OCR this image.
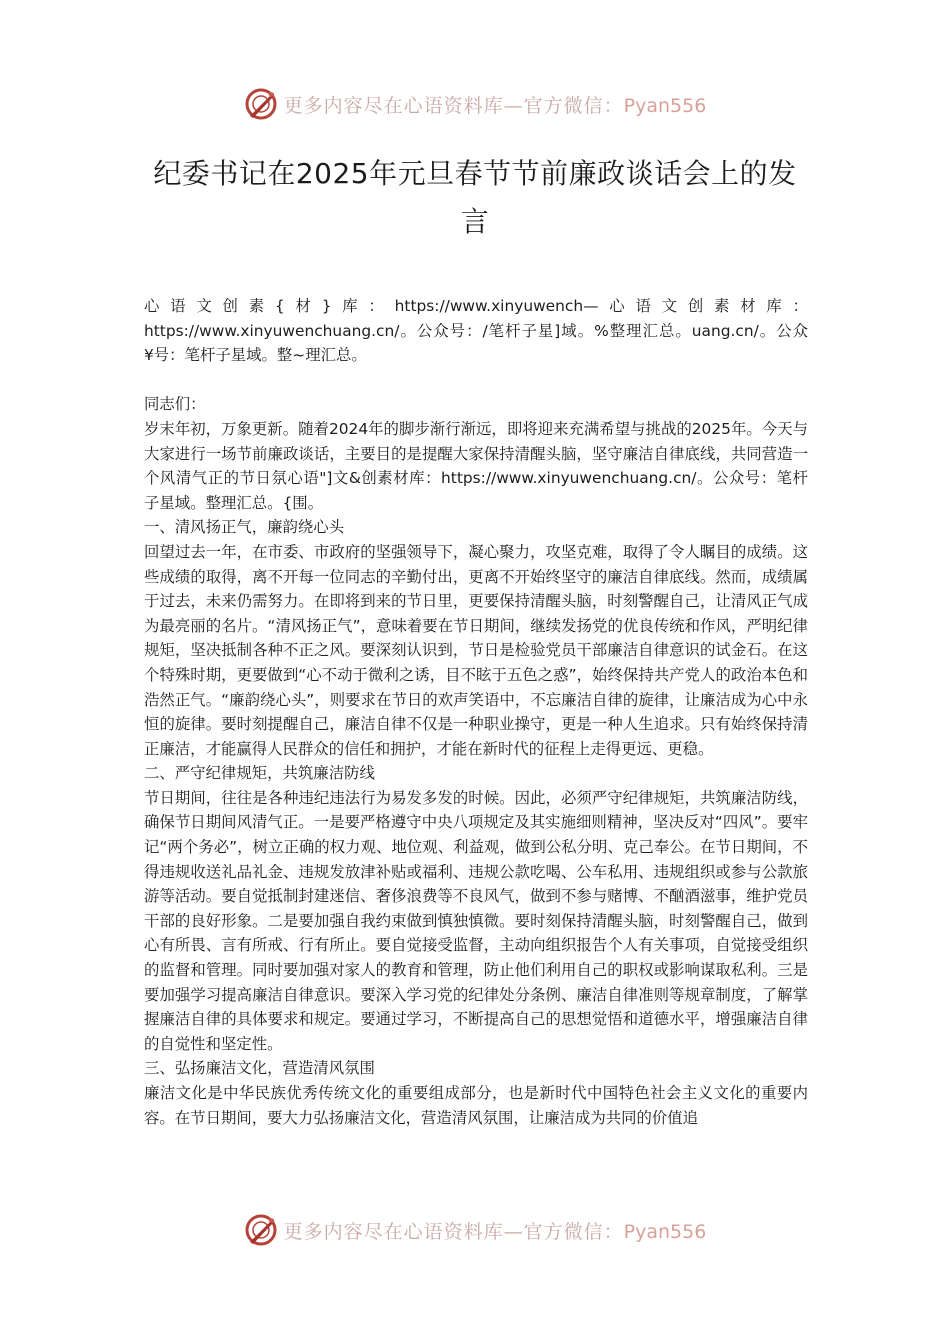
更多内容尽在心语资料库—官方微信：Pyan556
纪委书记在2025年元旦春节节前廉政谈话会上的发言

心语文创素{材}库：https://www.xinyuwench—心语文创素材库：https://www.xinyuwenchuang.cn/。公众号：/笔杆子星]域。%整理汇总。uang.cn/。公众¥号：笔杆子星域。整~理汇总。

同志们：

岁末年初，万象更新。随着2024年的脚步渐行渐远，即将迎来充满希望与挑战的2025年。今天与大家进行一场节前廉政谈话，主要目的是提醒大家保持清醒头脑，坚守廉洁自律底线，共同营造一个风清气正的节日氛心语"]文&创素材库：https://www.xinyuwenchuang.cn/。公众号：笔杆子星域。整理汇总。{围。

一、清风扬正气，廉韵绕心头

回望过去一年，在市委、市政府的坚强领导下，凝心聚力，攻坚克难，取得了令人瞩目的成绩。这些成绩的取得，离不开每一位同志的辛勤付出，更离不开始终坚守的廉洁自律底线。然而，成绩属于过去，未来仍需努力。在即将到来的节日里，更要保持清醒头脑，时刻警醒自己，让清风正气成为最亮丽的名片。“清风扬正气”，意味着要在节日期间，继续发扬党的优良传统和作风，严明纪律规矩，坚决抵制各种不正之风。要深刻认识到，节日是检验党员干部廉洁自律意识的试金石。在这个特殊时期，更要做到“心不动于微利之诱，目不眩于五色之惑”，始终保持共产党人的政治本色和浩然正气。“廉韵绕心头”，则要求在节日的欢声笑语中，不忘廉洁自律的旋律，让廉洁成为心中永恒的旋律。要时刻提醒自己，廉洁自律不仅是一种职业操守，更是一种人生追求。只有始终保持清正廉洁，才能赢得人民群众的信任和拥护，才能在新时代的征程上走得更远、更稳。

二、严守纪律规矩，共筑廉洁防线

节日期间，往往是各种违纪违法行为易发多发的时候。因此，必须严守纪律规矩，共筑廉洁防线，确保节日期间风清气正。一是要严格遵守中央八项规定及其实施细则精神，坚决反对“四风”。要牢记“两个务必”，树立正确的权力观、地位观、利益观，做到公私分明、克己奉公。在节日期间，不得违规收送礼品礼金、违规发放津补贴或福利、违规公款吃喝、公车私用、违规组织或参与公款旅游等活动。要自觉抵制封建迷信、奢侈浪费等不良风气，做到不参与赌博、不酗酒滋事，维护党员干部的良好形象。二是要加强自我约束做到慎独慎微。要时刻保持清醒头脑，时刻警醒自己，做到心有所畏、言有所戒、行有所止。要自觉接受监督，主动向组织报告个人有关事项，自觉接受组织的监督和管理。同时要加强对家人的教育和管理，防止他们利用自己的职权或影响谋取私利。三是要加强学习提高廉洁自律意识。要深入学习党的纪律处分条例、廉洁自律准则等规章制度，了解掌握廉洁自律的具体要求和规定。要通过学习，不断提高自己的思想觉悟和道德水平，增强廉洁自律的自觉性和坚定性。

三、弘扬廉洁文化，营造清风氛围

廉洁文化是中华民族优秀传统文化的重要组成部分，也是新时代中国特色社会主义文化的重要内容。在节日期间，要大力弘扬廉洁文化，营造清风氛围，让廉洁成为共同的价值追

更多内容尽在心语资料库—官方微信：Pyan556
